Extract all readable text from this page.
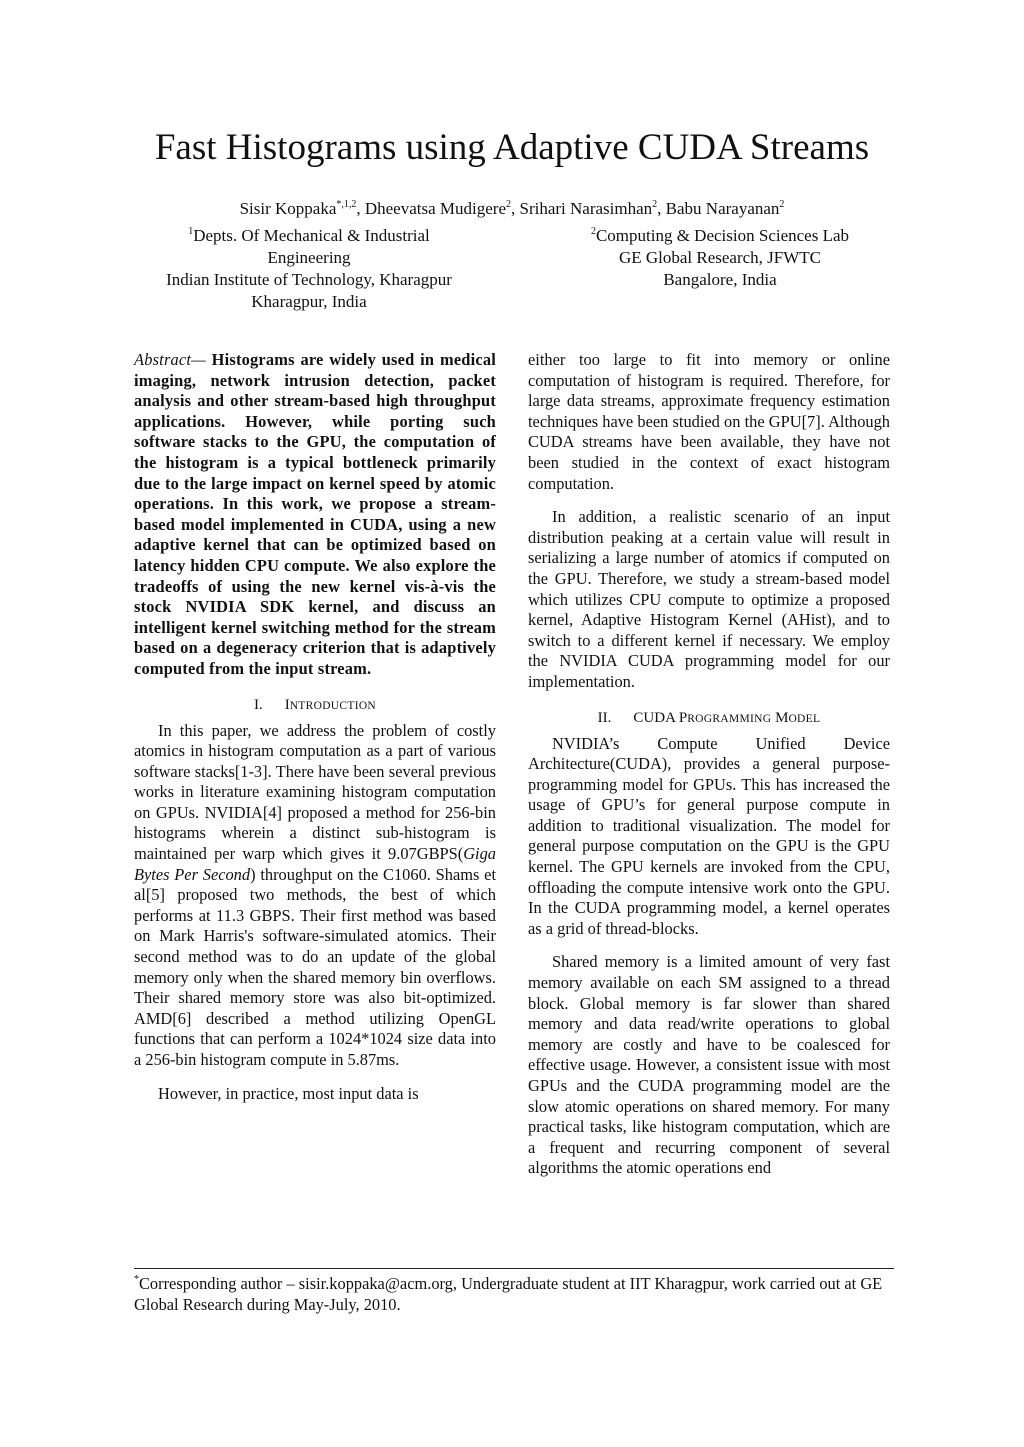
Fast Histograms using Adaptive CUDA Streams
Sisir Koppaka$^{*,1,2}$, Dheevatsa Mudigere$^2$, Srihari Narasimhan$^2$, Babu Narayanan$^2$
$^1$Depts. Of Mechanical & Industrial
Engineering
Indian Institute of Technology, Kharagpur
Kharagpur, India
$^2$Computing & Decision Sciences Lab
GE Global Research, JFWTC
Bangalore, India

Abstract— Histograms are widely used in medical imaging, network intrusion detection, packet analysis and other stream-based high throughput applications. However, while porting such software stacks to the GPU, the computation of the histogram is a typical bottleneck primarily due to the large impact on kernel speed by atomic operations. In this work, we propose a stream-based model implemented in CUDA, using a new adaptive kernel that can be optimized based on latency hidden CPU compute. We also explore the tradeoffs of using the new kernel vis-à-vis the stock NVIDIA SDK kernel, and discuss an intelligent kernel switching method for the stream based on a degeneracy criterion that is adaptively computed from the input stream.

I. INTRODUCTION

In this paper, we address the problem of costly atomics in histogram computation as a part of various software stacks[1-3]. There have been several previous works in literature examining histogram computation on GPUs. NVIDIA[4] proposed a method for 256-bin histograms wherein a distinct sub-histogram is maintained per warp which gives it 9.07GBPS(Giga Bytes Per Second) throughput on the C1060. Shams et al[5] proposed two methods, the best of which performs at 11.3 GBPS. Their first method was based on Mark Harris's software-simulated atomics. Their second method was to do an update of the global memory only when the shared memory bin overflows. Their shared memory store was also bit-optimized. AMD[6] described a method utilizing OpenGL functions that can perform a 1024*1024 size data into a 256-bin histogram compute in 5.87ms.

However, in practice, most input data is

either too large to fit into memory or online computation of histogram is required. Therefore, for large data streams, approximate frequency estimation techniques have been studied on the GPU[7]. Although CUDA streams have been available, they have not been studied in the context of exact histogram computation.

In addition, a realistic scenario of an input distribution peaking at a certain value will result in serializing a large number of atomics if computed on the GPU. Therefore, we study a stream-based model which utilizes CPU compute to optimize a proposed kernel, Adaptive Histogram Kernel (AHist), and to switch to a different kernel if necessary. We employ the NVIDIA CUDA programming model for our implementation.

II. CUDA PROGRAMMING MODEL

NVIDIA’s Compute Unified Device Architecture(CUDA), provides a general purpose-programming model for GPUs. This has increased the usage of GPU’s for general purpose compute in addition to traditional visualization. The model for general purpose computation on the GPU is the GPU kernel. The GPU kernels are invoked from the CPU, offloading the compute intensive work onto the GPU. In the CUDA programming model, a kernel operates as a grid of thread-blocks.

Shared memory is a limited amount of very fast memory available on each SM assigned to a thread block. Global memory is far slower than shared memory and data read/write operations to global memory are costly and have to be coalesced for effective usage. However, a consistent issue with most GPUs and the CUDA programming model are the slow atomic operations on shared memory. For many practical tasks, like histogram computation, which are a frequent and recurring component of several algorithms the atomic operations end

*Corresponding author – sisir.koppaka@acm.org, Undergraduate student at IIT Kharagpur, work carried out at GE Global Research during May-July, 2010.
